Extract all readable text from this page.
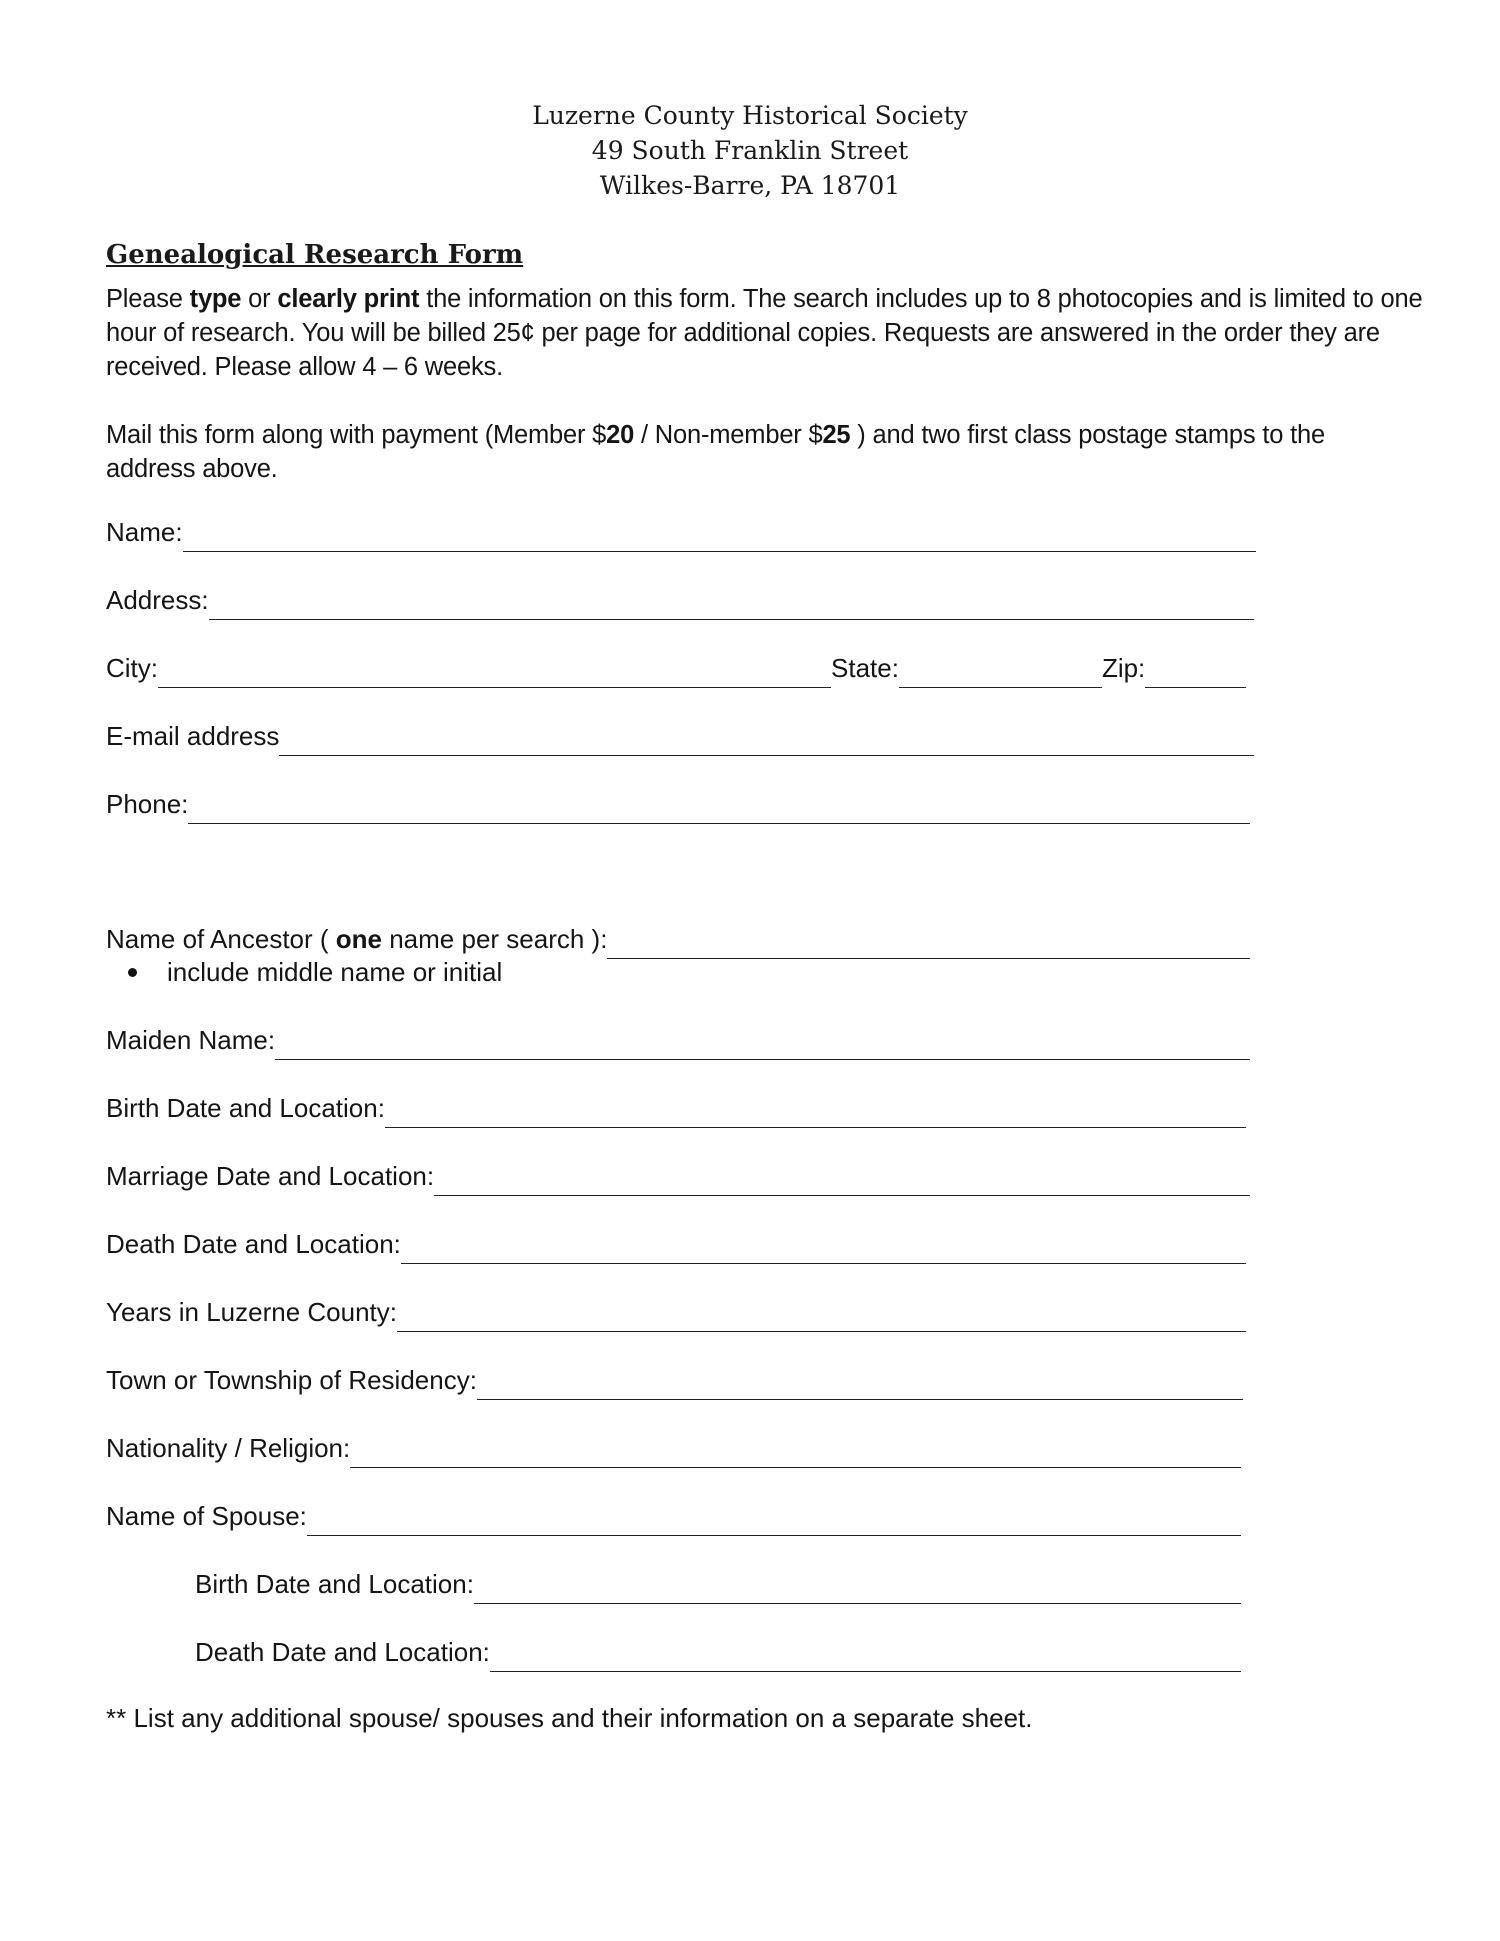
Luzerne County Historical Society
49 South Franklin Street
Wilkes-Barre, PA 18701
Genealogical Research Form
Please type or clearly print the information on this form. The search includes up to 8 photocopies and is limited to one hour of research. You will be billed 25¢ per page for additional copies. Requests are answered in the order they are received. Please allow 4 – 6 weeks.
Mail this form along with payment (Member $20 / Non-member $25 ) and two first class postage stamps to the address above.
Name:
Address:
City:	State:	Zip:
E-mail address
Phone:
Name of Ancestor ( one name per search ):
include middle name or initial
Maiden Name:
Birth Date and Location:
Marriage Date and Location:
Death Date and Location:
Years in Luzerne County:
Town or Township of Residency:
Nationality / Religion:
Name of Spouse:
Birth Date and Location:
Death Date and Location:
** List any additional spouse/ spouses and their information on a separate sheet.
